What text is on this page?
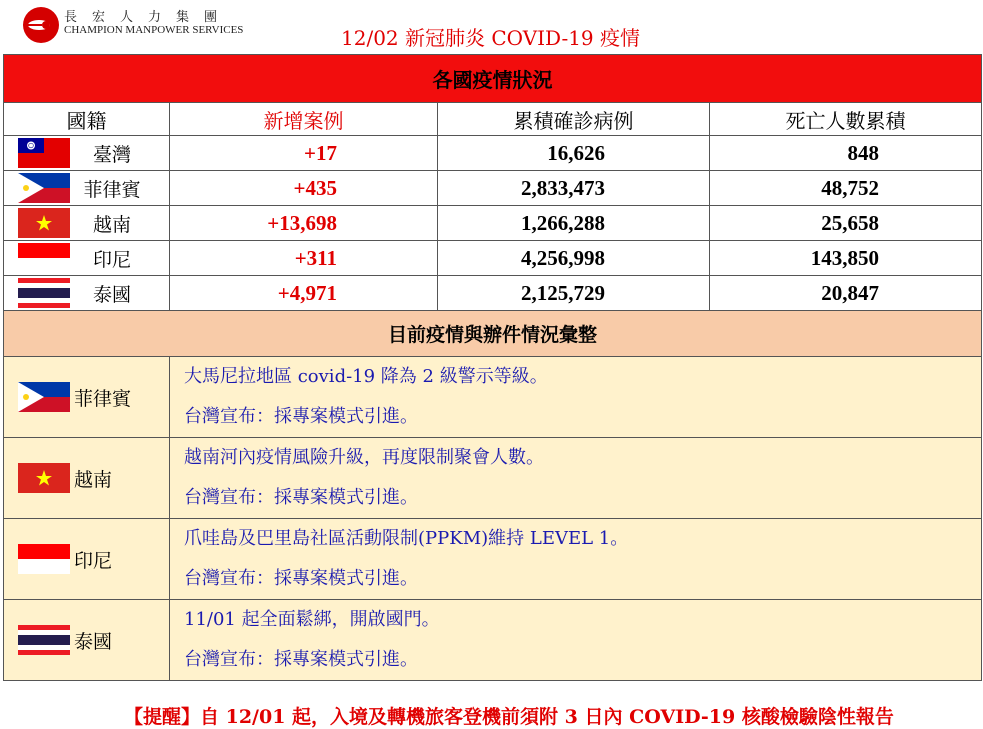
長宏人力集團
CHAMPION MANPOWER SERVICES	12/02 新冠肺炎 COVID-19 疫情
各國疫情狀況			
國籍	新增案例	累積確診病例	死亡人數累積

臺灣	+17	16,626	848

菲律賓	+435	2,833,473	48,752

越南	+13,698	1,266,288	25,658

印尼	+311	4,256,998	143,850

泰國	+4,971	2,125,729	20,847
目前疫情與辦件情況彙整			

菲律賓	大馬尼拉地區 covid-19 降為 2 級警示等級。
台灣宣布：採專案模式引進。		

越南	越南河內疫情風險升級，再度限制聚會人數。
台灣宣布：採專案模式引進。		

印尼	爪哇島及巴里島社區活動限制(PPKM)維持 LEVEL 1。
台灣宣布：採專案模式引進。		

泰國	11/01 起全面鬆綁，開啟國門。
台灣宣布：採專案模式引進。		
【提醒】自 12/01 起，入境及轉機旅客登機前須附 3 日內 COVID-19 核酸檢驗陰性報告
